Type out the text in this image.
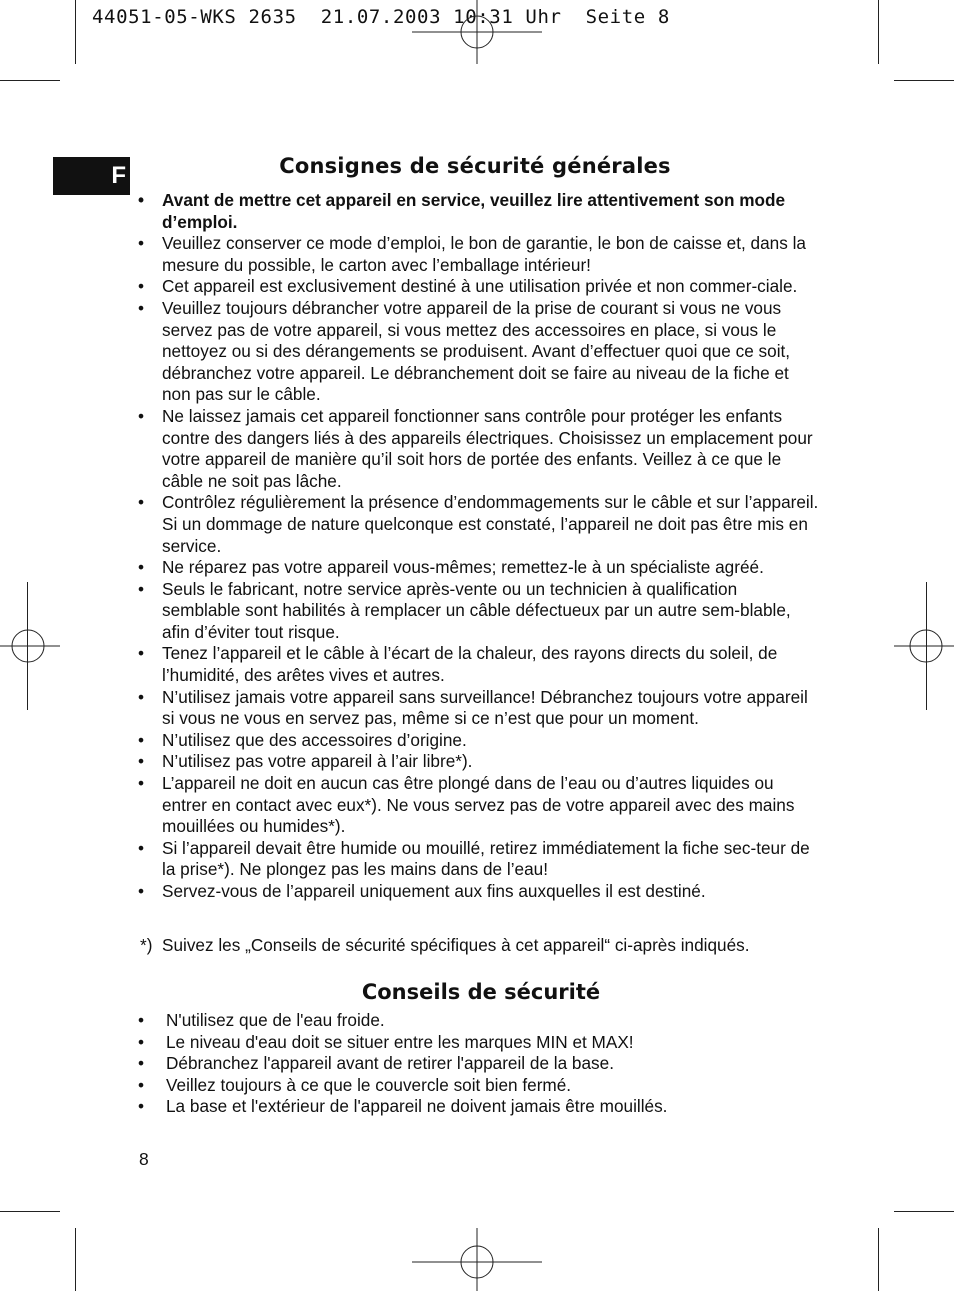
44051-05-WKS 2635  21.07.2003 10:31 Uhr  Seite 8
F	Consignes de sécurité générales
• Avant de mettre cet appareil en service, veuillez lire attentivement son mode d’emploi.
• Veuillez conserver ce mode d’emploi, le bon de garantie, le bon de caisse et, dans la mesure du possible, le carton avec l’emballage intérieur!
• Cet appareil est exclusivement destiné à une utilisation privée et non commer-ciale.
• Veuillez toujours débrancher votre appareil de la prise de courant si vous ne vous servez pas de votre appareil, si vous mettez des accessoires en place, si vous le nettoyez ou si des dérangements se produisent. Avant d’effectuer quoi que ce soit, débranchez votre appareil. Le débranchement doit se faire au niveau de la fiche et non pas sur le câble.
• Ne laissez jamais cet appareil fonctionner sans contrôle pour protéger les enfants contre des dangers liés à des appareils électriques. Choisissez un emplacement pour votre appareil de manière qu’il soit hors de portée des enfants. Veillez à ce que le câble ne soit pas lâche.
• Contrôlez régulièrement la présence d’endommagements sur le câble et sur l’appareil. Si un dommage de nature quelconque est constaté, l’appareil ne doit pas être mis en service.
• Ne réparez pas votre appareil vous-mêmes; remettez-le à un spécialiste agréé.
• Seuls le fabricant, notre service après-vente ou un technicien à qualification semblable sont habilités à remplacer un câble défectueux par un autre sem-blable, afin d’éviter tout risque.
• Tenez l’appareil et le câble à l’écart de la chaleur, des rayons directs du soleil, de l’humidité, des arêtes vives et autres.
• N’utilisez jamais votre appareil sans surveillance! Débranchez toujours votre appareil si vous ne vous en servez pas, même si ce n’est que pour un moment.
• N’utilisez que des accessoires d’origine.
• N’utilisez pas votre appareil à l’air libre*).
• L’appareil ne doit en aucun cas être plongé dans de l’eau ou d’autres liquides ou entrer en contact avec eux*). Ne vous servez pas de votre appareil avec des mains mouillées ou humides*).
• Si l’appareil devait être humide ou mouillé, retirez immédiatement la fiche sec-teur de la prise*). Ne plongez pas les mains dans de l’eau!
• Servez-vous de l’appareil uniquement aux fins auxquelles il est destiné.
*) Suivez les „Conseils de sécurité spécifiques à cet appareil“ ci-après indiqués.
Conseils de sécurité
• N'utilisez que de l'eau froide.
• Le niveau d'eau doit se situer entre les marques MIN et MAX!
• Débranchez l'appareil avant de retirer l'appareil de la base.
• Veillez toujours à ce que le couvercle soit bien fermé.
• La base et l'extérieur de l'appareil ne doivent jamais être mouillés.
8
